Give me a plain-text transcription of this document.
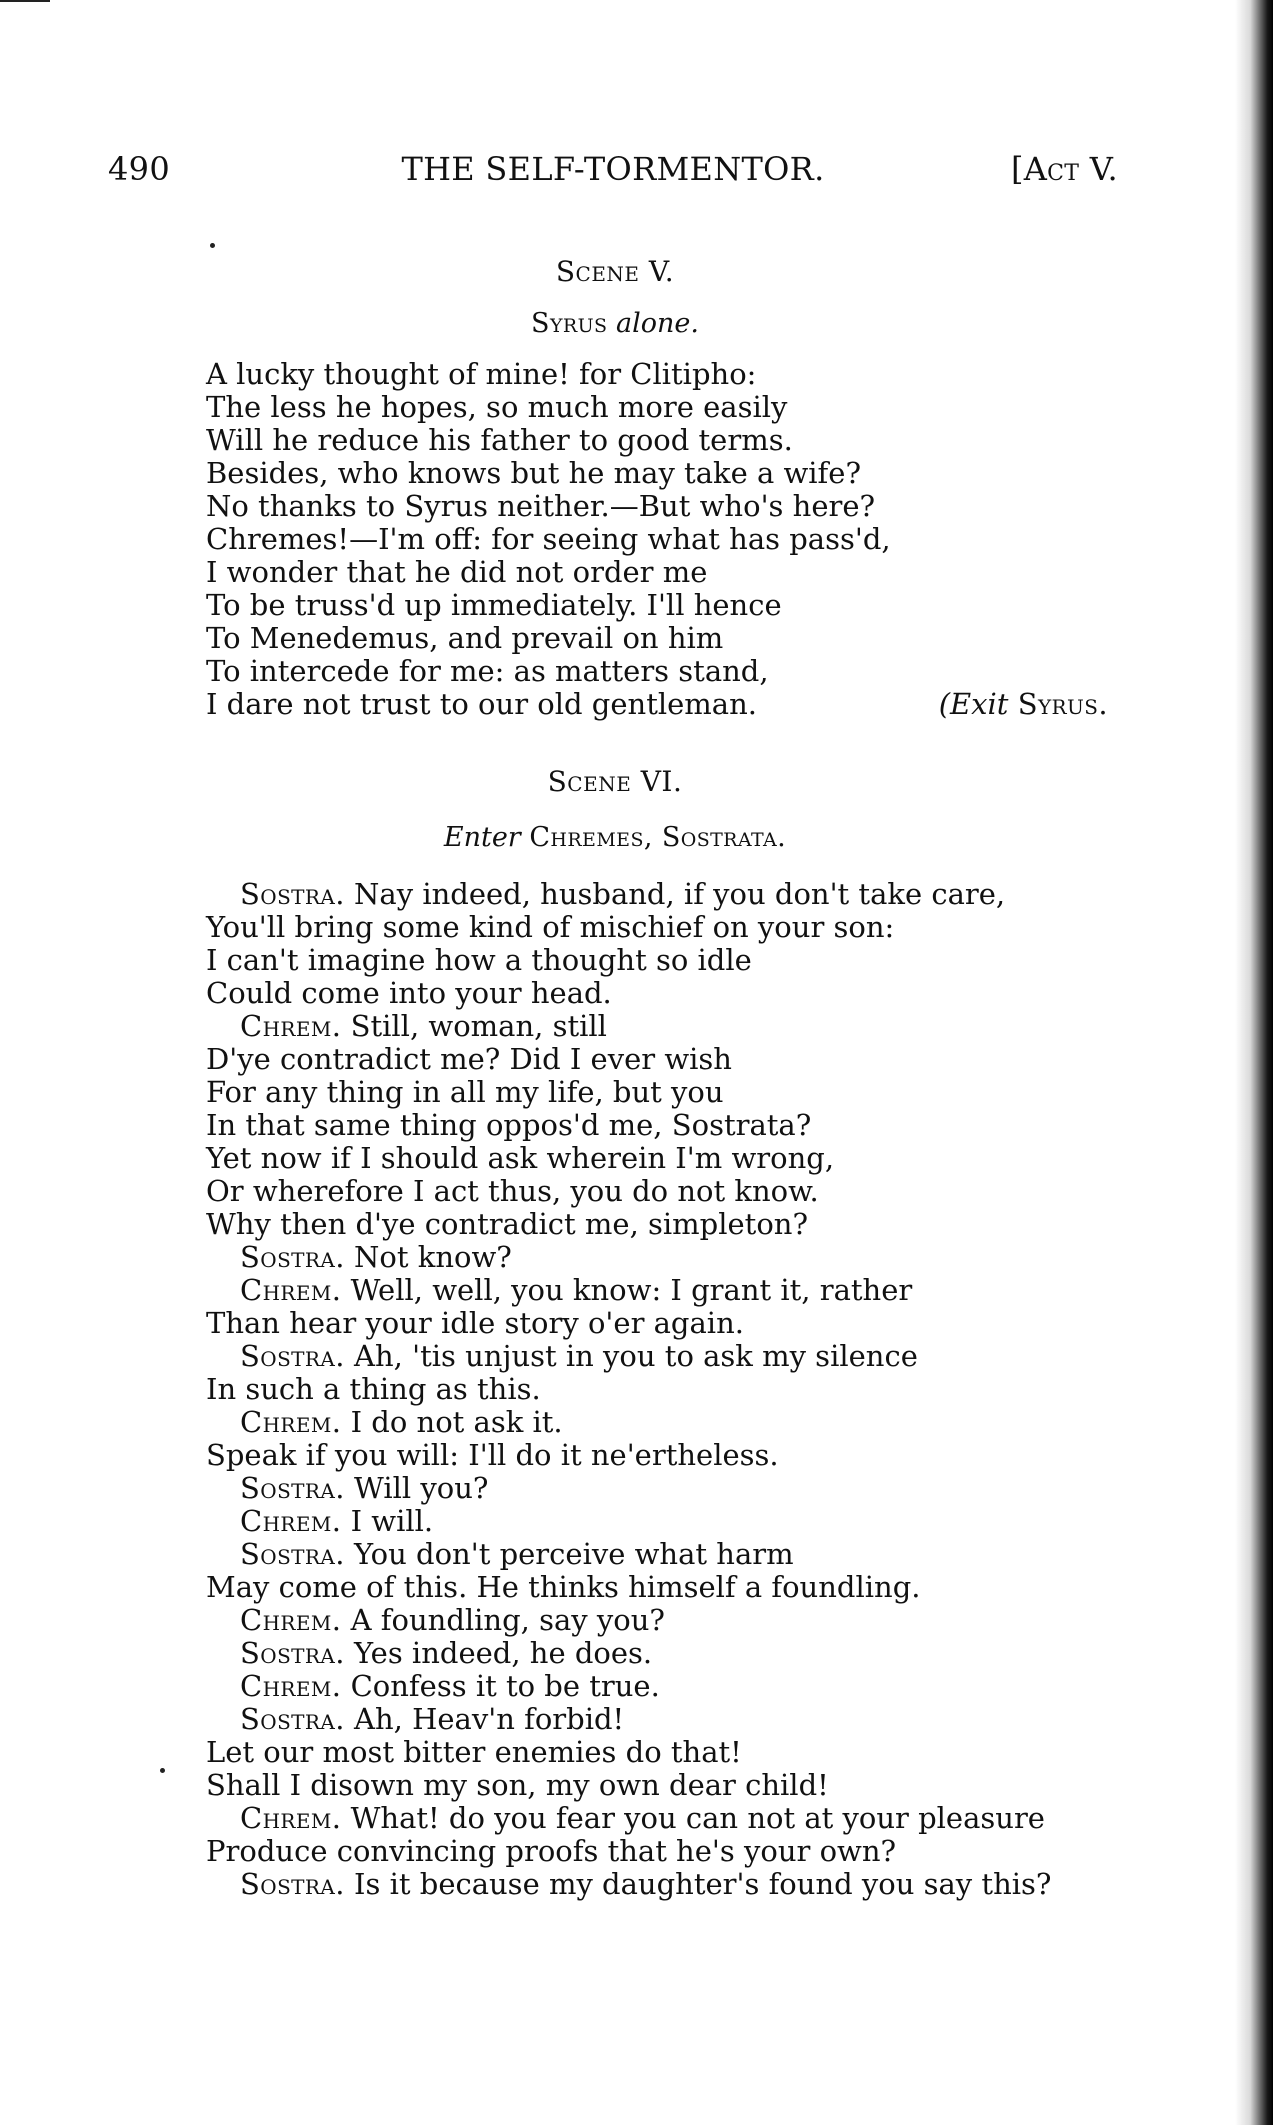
490	THE SELF-TORMENTOR.	[Act V.
Scene V.
Syrus alone.
A lucky thought of mine! for Clitipho:
The less he hopes, so much more easily
Will he reduce his father to good terms.
Besides, who knows but he may take a wife?
No thanks to Syrus neither.—But who's here?
Chremes!—I'm off: for seeing what has pass'd,
I wonder that he did not order me
To be truss'd up immediately. I'll hence
To Menedemus, and prevail on him
To intercede for me: as matters stand,
I dare not trust to our old gentleman.	(Exit Syrus.
Scene VI.
Enter Chremes, Sostrata.
Sostra. Nay indeed, husband, if you don't take care,
You'll bring some kind of mischief on your son:
I can't imagine how a thought so idle
Could come into your head.
Chrem. Still, woman, still
D'ye contradict me? Did I ever wish
For any thing in all my life, but you
In that same thing oppos'd me, Sostrata?
Yet now if I should ask wherein I'm wrong,
Or wherefore I act thus, you do not know.
Why then d'ye contradict me, simpleton?
Sostra. Not know?
Chrem. Well, well, you know: I grant it, rather
Than hear your idle story o'er again.
Sostra. Ah, 'tis unjust in you to ask my silence
In such a thing as this.
Chrem. I do not ask it.
Speak if you will: I'll do it ne'ertheless.
Sostra. Will you?
Chrem. I will.
Sostra. You don't perceive what harm
May come of this. He thinks himself a foundling.
Chrem. A foundling, say you?
Sostra. Yes indeed, he does.
Chrem. Confess it to be true.
Sostra. Ah, Heav'n forbid!
Let our most bitter enemies do that!
Shall I disown my son, my own dear child!
Chrem. What! do you fear you can not at your pleasure
Produce convincing proofs that he's your own?
Sostra. Is it because my daughter's found you say this?
